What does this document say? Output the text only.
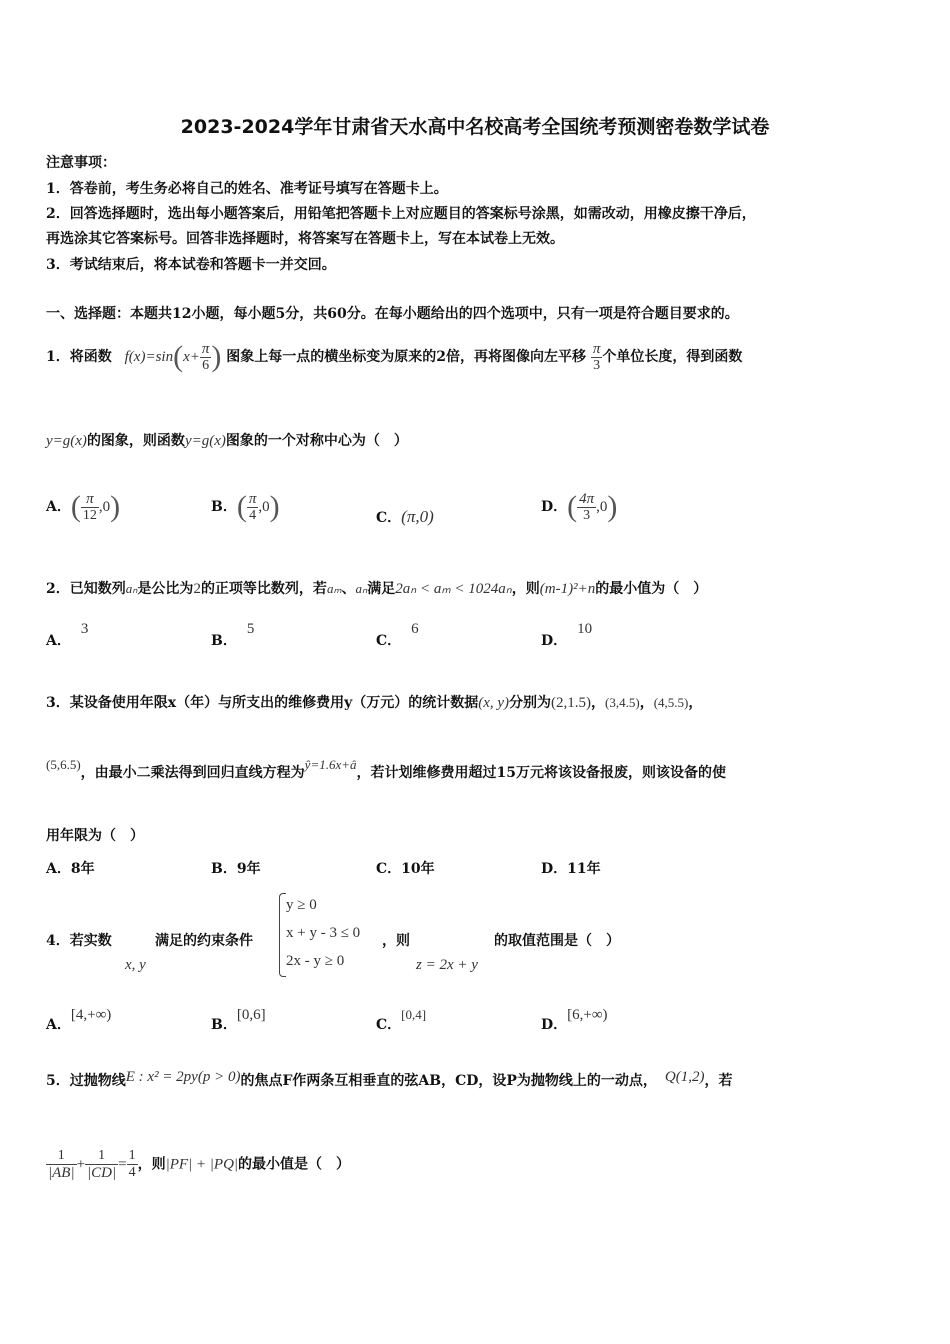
2023-2024学年甘肃省天水高中名校高考全国统考预测密卷数学试卷
注意事项：
1．答卷前，考生务必将自己的姓名、准考证号填写在答题卡上。
2．回答选择题时，选出每小题答案后，用铅笔把答题卡上对应题目的答案标号涂黑，如需改动，用橡皮擦干净后，
再选涂其它答案标号。回答非选择题时，将答案写在答题卡上，写在本试卷上无效。
3．考试结束后，将本试卷和答题卡一并交回。
一、选择题：本题共12小题，每小题5分，共60分。在每小题给出的四个选项中，只有一项是符合题目要求的。
1．将函数 $f(x)=\sin(x+ \frac{\pi}{6}$ ) 图象上每一点的横坐标变为原来的2倍，再将图像向左平移 $\frac{\pi}{3}$ 个单位长度，得到函数
y=g(x)的图象，则函数y=g(x)图象的一个对称中心为（　）
A．( $\frac{\pi}{12} ,0$)	B．( $\frac{\pi}{4} ,0$)	C．(π,0)	D．( $\frac{4\pi}{3} ,0$)
2．已知数列aₙ是公比为2的正项等比数列，若aₘ、aₙ满足2aₙ < aₘ < 1024aₙ，则(m-1)²+n的最小值为（　）
A．3
B．5
C．6
D．10
3．某设备使用年限x（年）与所支出的维修费用y（万元）的统计数据(x, y)分别为(2,1.5)，(3,4.5)，(4,5.5)，
(5,6.5)，由最小二乘法得到回归直线方程为ŷ=1.6x+â，若计划维修费用超过15万元将该设备报废，则该设备的使
用年限为（　）
A．8年	B．9年	C．10年	D．11年
4．若实数
x, y
满足的约束条件
y ≥ 0
x + y - 3 ≤ 0
2x - y ≥ 0
，则
z = 2x + y
的取值范围是（　）
A．[4,+∞)
B．[0,6]
C．[0,4]
D．[6,+∞)
5．过抛物线E : x² = 2py(p > 0)的焦点F作两条互相垂直的弦AB，CD，设P为抛物线上的一动点， Q(1,2)，若
$\frac{1}{|AB|} + \frac{1}{|CD|} = \frac{1}{4}$ ，则|PF| + |PQ|的最小值是（　）
